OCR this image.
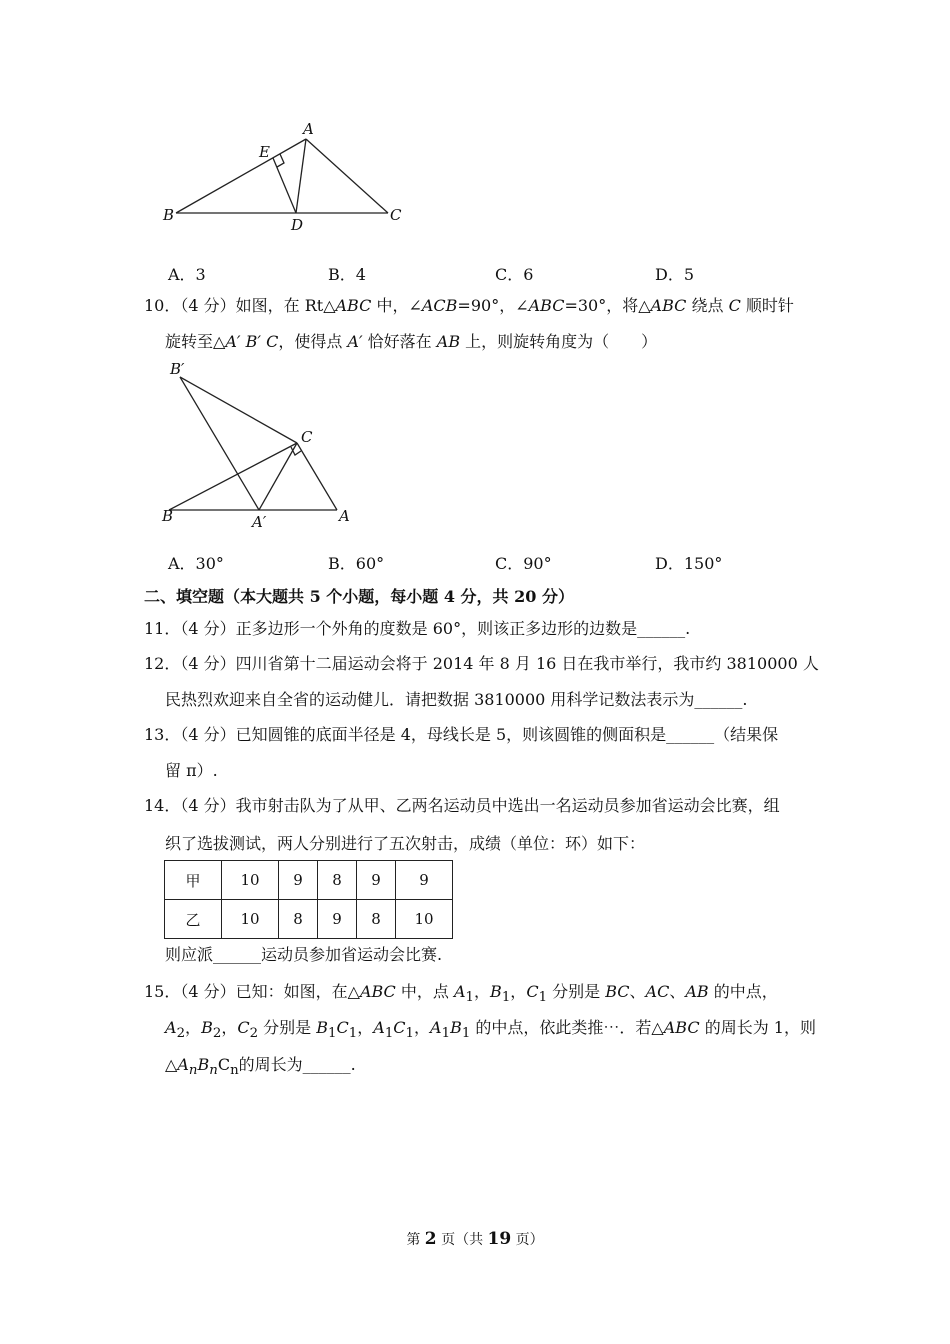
A
E
B
D
C
A．3	B．4	C．6	D．5
10．（4 分）如图，在 Rt△ABC 中，∠ACB=90°，∠ABC=30°，将△ABC 绕点 C 顺时针
旋转至△A′ B′ C，使得点 A′ 恰好落在 AB 上，则旋转角度为（　　）
B′
C
B	A′	A
A．30°	B．60°	C．90°	D．150°
二、填空题（本大题共 5 个小题，每小题 4 分，共 20 分）
11．（4 分）正多边形一个外角的度数是 60°，则该正多边形的边数是______.
12．（4 分）四川省第十二届运动会将于 2014 年 8 月 16 日在我市举行，我市约 3810000 人
民热烈欢迎来自全省的运动健儿．请把数据 3810000 用科学记数法表示为______.
13．（4 分）已知圆锥的底面半径是 4，母线长是 5，则该圆锥的侧面积是______（结果保
留 π）.
14．（4 分）我市射击队为了从甲、乙两名运动员中选出一名运动员参加省运动会比赛，组
织了选拔测试，两人分别进行了五次射击，成绩（单位：环）如下：
甲	10	9	8	9	9
乙	10	8	9	8	10
则应派______运动员参加省运动会比赛.
15．（4 分）已知：如图，在△ABC 中，点 $A_1$，$B_1$，$C_1$ 分别是 BC、AC、AB 的中点，
$A_2$，$B_2$，$C_2$ 分别是 $B_1C_1$，$A_1C_1$，$A_1B_1$ 的中点，依此类推⋯．若△ABC 的周长为 1，则
$\triangle A_nB_nC_n$的周长为______.
第 2 页（共 19 页）
